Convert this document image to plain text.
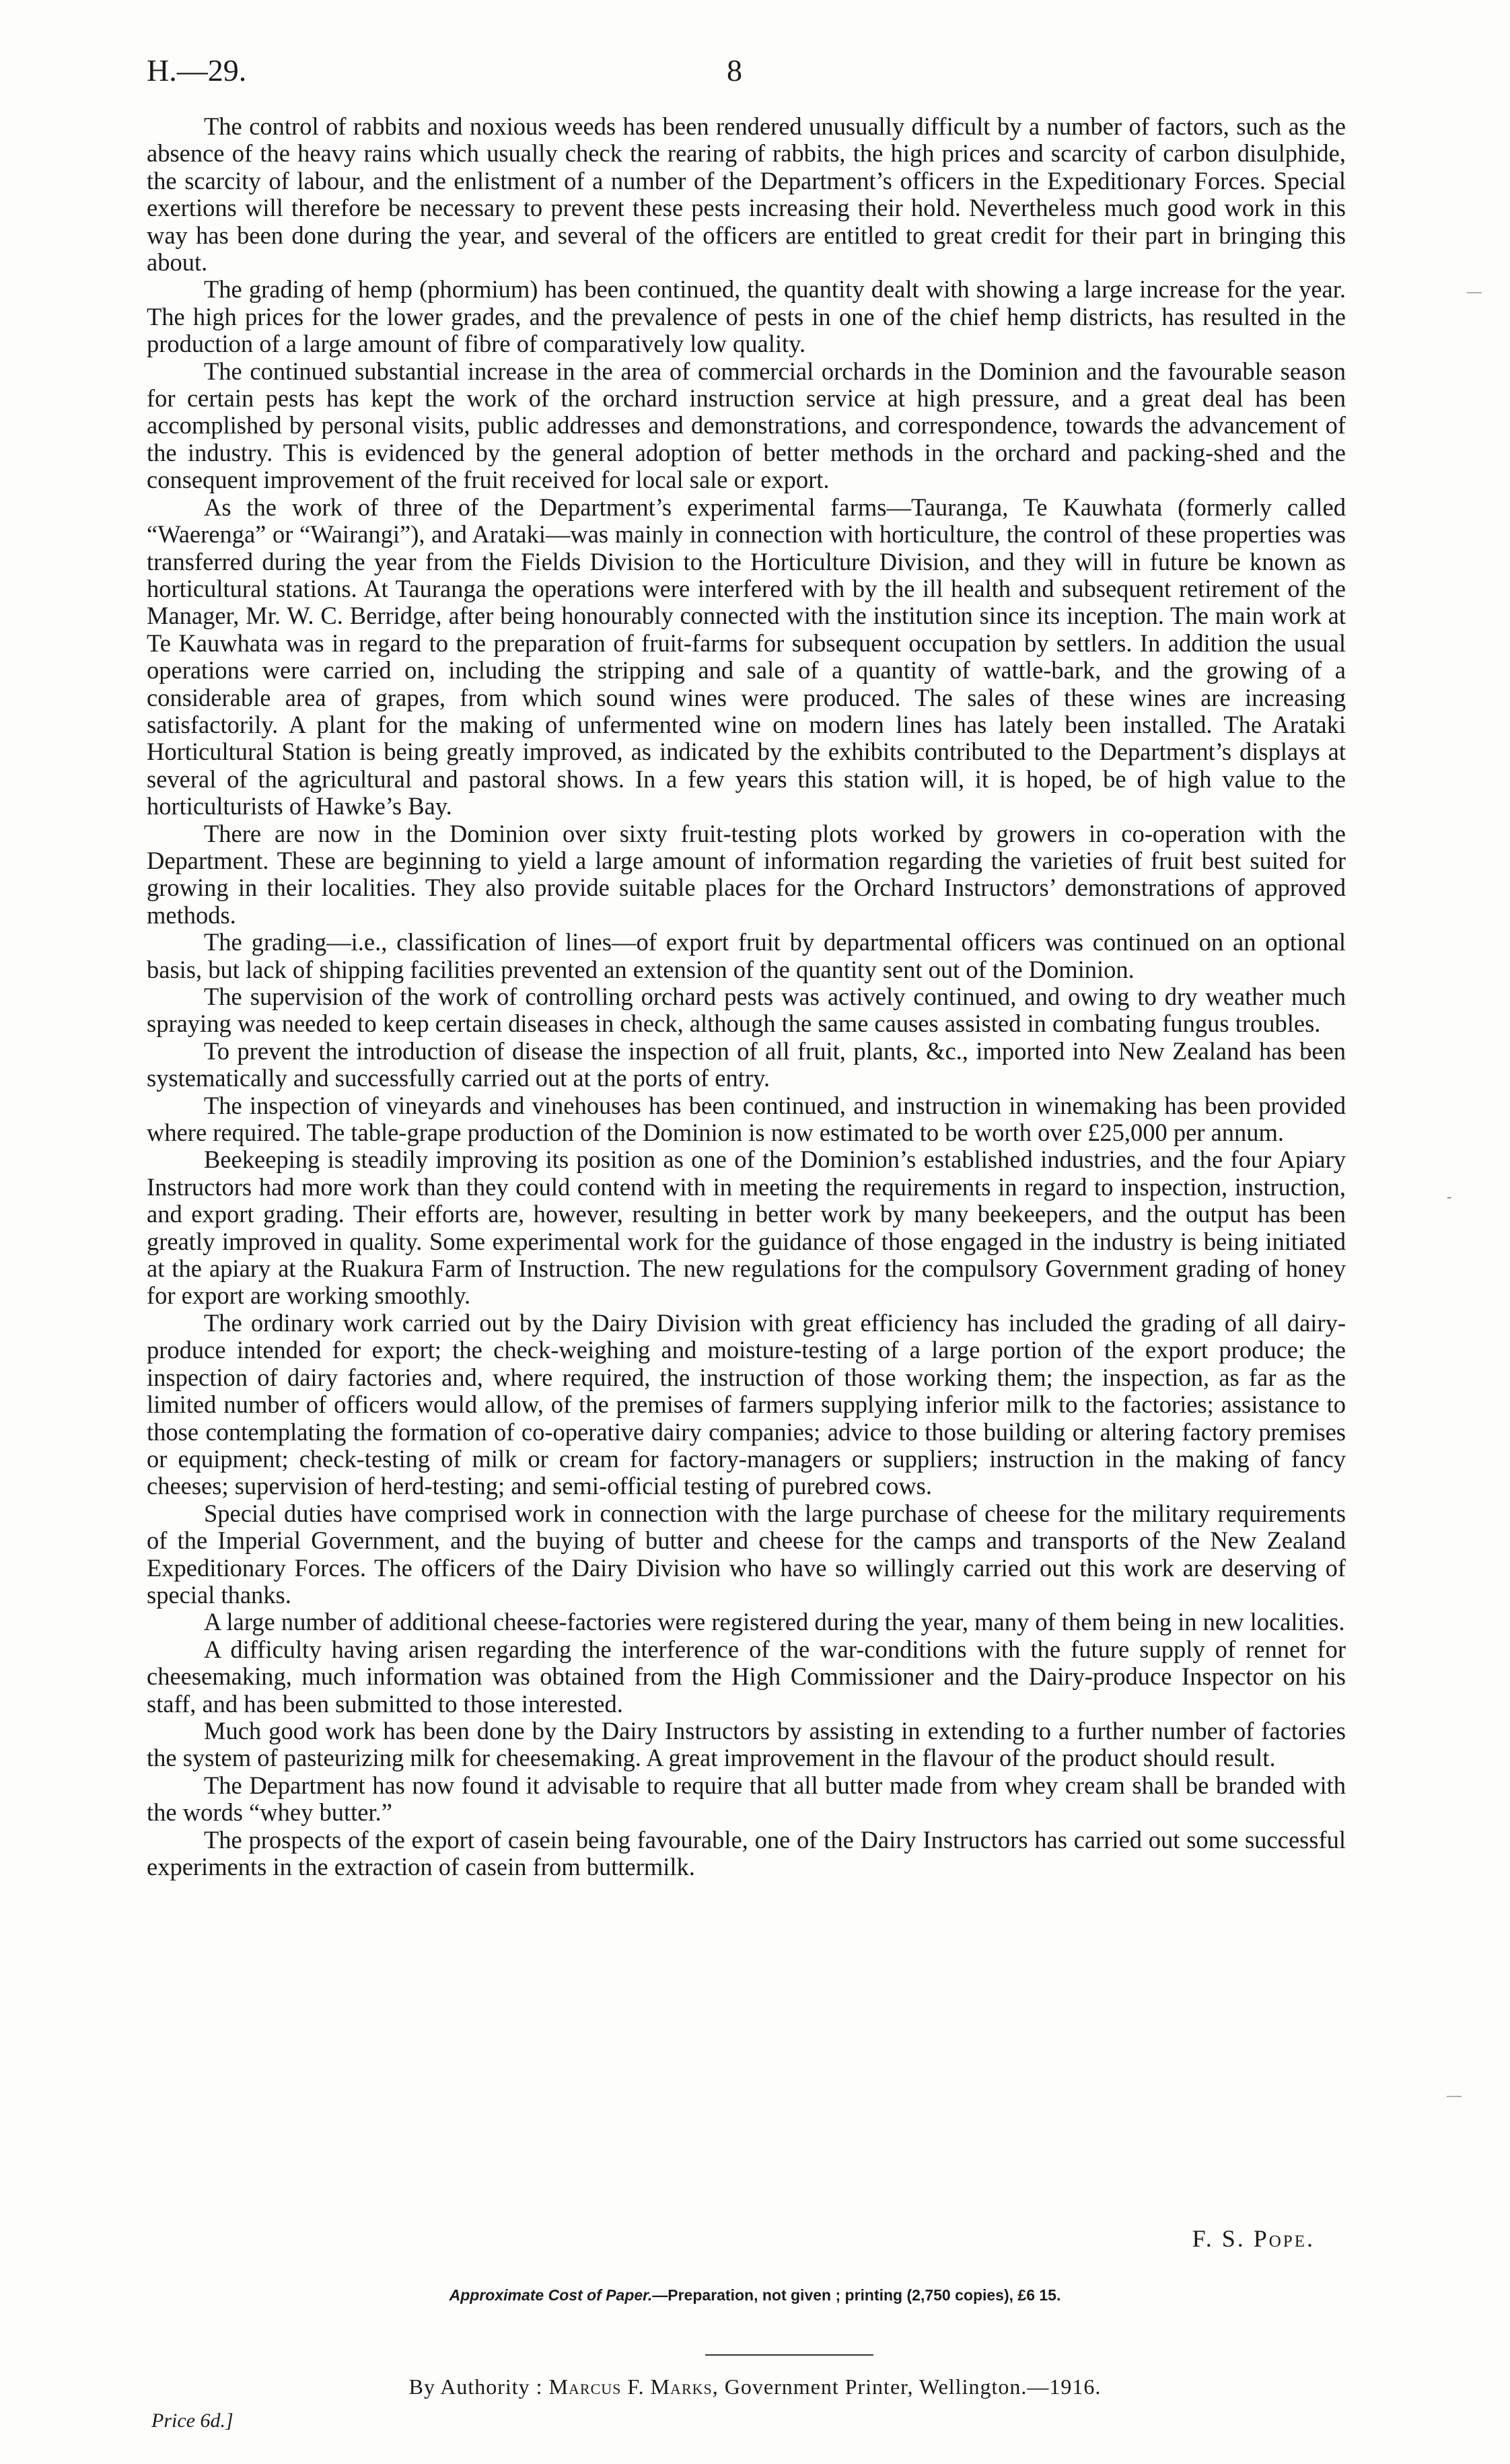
H.—29.	8

The control of rabbits and noxious weeds has been rendered unusually difficult by a number of factors, such as the absence of the heavy rains which usually check the rearing of rabbits, the high prices and scarcity of carbon disulphide, the scarcity of labour, and the enlistment of a number of the Department’s officers in the Expeditionary Forces. Special exertions will therefore be necessary to prevent these pests increasing their hold. Nevertheless much good work in this way has been done during the year, and several of the officers are entitled to great credit for their part in bringing this about.

The grading of hemp (phormium) has been continued, the quantity dealt with showing a large increase for the year. The high prices for the lower grades, and the prevalence of pests in one of the chief hemp districts, has resulted in the production of a large amount of fibre of comparatively low quality.

The continued substantial increase in the area of commercial orchards in the Dominion and the favourable season for certain pests has kept the work of the orchard instruction service at high pressure, and a great deal has been accomplished by personal visits, public addresses and demonstrations, and correspondence, towards the advancement of the industry. This is evidenced by the general adoption of better methods in the orchard and packing-shed and the consequent improvement of the fruit received for local sale or export.

As the work of three of the Department’s experimental farms—Tauranga, Te Kauwhata (formerly called “Waerenga” or “Wairangi”), and Arataki—was mainly in connection with horticulture, the control of these properties was transferred during the year from the Fields Division to the Horticulture Division, and they will in future be known as horticultural stations. At Tauranga the operations were interfered with by the ill health and subsequent retirement of the Manager, Mr. W. C. Berridge, after being honourably connected with the institution since its inception. The main work at Te Kauwhata was in regard to the preparation of fruit-farms for subsequent occupation by settlers. In addition the usual operations were carried on, including the stripping and sale of a quantity of wattle-bark, and the growing of a considerable area of grapes, from which sound wines were produced. The sales of these wines are increasing satisfactorily. A plant for the making of unfermented wine on modern lines has lately been installed. The Arataki Horticultural Station is being greatly improved, as indicated by the exhibits contributed to the Department’s displays at several of the agricultural and pastoral shows. In a few years this station will, it is hoped, be of high value to the horticulturists of Hawke’s Bay.

There are now in the Dominion over sixty fruit-testing plots worked by growers in co-operation with the Department. These are beginning to yield a large amount of information regarding the varieties of fruit best suited for growing in their localities. They also provide suitable places for the Orchard Instructors’ demonstrations of approved methods.

The grading—i.e., classification of lines—of export fruit by departmental officers was continued on an optional basis, but lack of shipping facilities prevented an extension of the quantity sent out of the Dominion.

The supervision of the work of controlling orchard pests was actively continued, and owing to dry weather much spraying was needed to keep certain diseases in check, although the same causes assisted in combating fungus troubles.

To prevent the introduction of disease the inspection of all fruit, plants, &c., imported into New Zealand has been systematically and successfully carried out at the ports of entry.

The inspection of vineyards and vinehouses has been continued, and instruction in winemaking has been provided where required. The table-grape production of the Dominion is now estimated to be worth over £25,000 per annum.

Beekeeping is steadily improving its position as one of the Dominion’s established industries, and the four Apiary Instructors had more work than they could contend with in meeting the requirements in regard to inspection, instruction, and export grading. Their efforts are, however, resulting in better work by many beekeepers, and the output has been greatly improved in quality. Some experimental work for the guidance of those engaged in the industry is being initiated at the apiary at the Ruakura Farm of Instruction. The new regulations for the compulsory Government grading of honey for export are working smoothly.

The ordinary work carried out by the Dairy Division with great efficiency has included the grading of all dairy-produce intended for export; the check-weighing and moisture-testing of a large portion of the export produce; the inspection of dairy factories and, where required, the instruction of those working them; the inspection, as far as the limited number of officers would allow, of the premises of farmers supplying inferior milk to the factories; assistance to those contemplating the formation of co-operative dairy companies; advice to those building or altering factory premises or equipment; check-testing of milk or cream for factory-managers or suppliers; instruction in the making of fancy cheeses; supervision of herd-testing; and semi-official testing of purebred cows.

Special duties have comprised work in connection with the large purchase of cheese for the military requirements of the Imperial Government, and the buying of butter and cheese for the camps and transports of the New Zealand Expeditionary Forces. The officers of the Dairy Division who have so willingly carried out this work are deserving of special thanks.

A large number of additional cheese-factories were registered during the year, many of them being in new localities.

A difficulty having arisen regarding the interference of the war-conditions with the future supply of rennet for cheesemaking, much information was obtained from the High Commissioner and the Dairy-produce Inspector on his staff, and has been submitted to those interested.

Much good work has been done by the Dairy Instructors by assisting in extending to a further number of factories the system of pasteurizing milk for cheesemaking. A great improvement in the flavour of the product should result.

The Department has now found it advisable to require that all butter made from whey cream shall be branded with the words “whey butter.”

The prospects of the export of casein being favourable, one of the Dairy Instructors has carried out some successful experiments in the extraction of casein from buttermilk.

F. S. Pope.
Approximate Cost of Paper.—Preparation, not given ; printing (2,750 copies), £6 15.
By Authority : Marcus F. Marks, Government Printer, Wellington.—1916.
Price 6d.]
—
-
—
